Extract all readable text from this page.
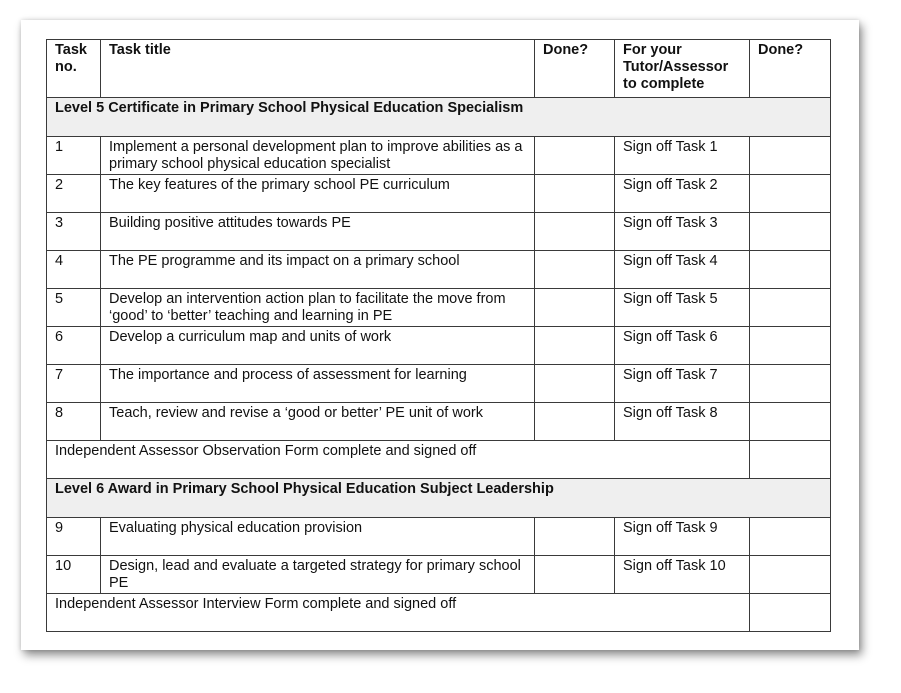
Task no.	Task title	Done?	For your Tutor/Assessor to complete	Done?
Level 5 Certificate in Primary School Physical Education Specialism				
1	Implement a personal development plan to improve abilities as a primary school physical education specialist		Sign off Task 1	
2	The key features of the primary school PE curriculum		Sign off Task 2	
3	Building positive attitudes towards PE		Sign off Task 3	
4	The PE programme and its impact on a primary school		Sign off Task 4	
5	Develop an intervention action plan to facilitate the move from ‘good’ to ‘better’ teaching and learning in PE		Sign off Task 5	
6	Develop a curriculum map and units of work		Sign off Task 6	
7	The importance and process of assessment for learning		Sign off Task 7	
8	Teach, review and revise a ‘good or better’ PE unit of work		Sign off Task 8	
Independent Assessor Observation Form complete and signed off				
Level 6 Award in Primary School Physical Education Subject Leadership				
9	Evaluating physical education provision		Sign off Task 9	
10	Design, lead and evaluate a targeted strategy for primary school PE		Sign off Task 10	
Independent Assessor Interview Form complete and signed off				
